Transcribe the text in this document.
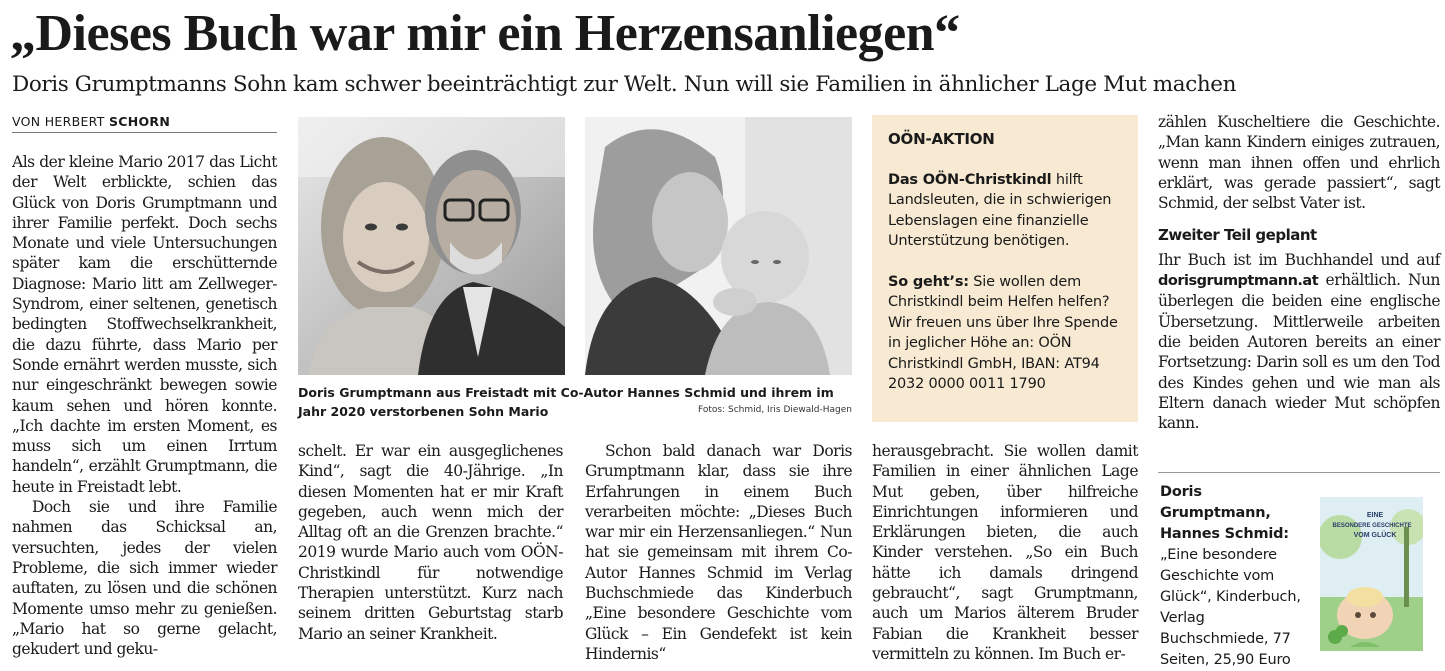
„Dieses Buch war mir ein Herzensanliegen“
Doris Grumptmanns Sohn kam schwer beeinträchtigt zur Welt. Nun will sie Familien in ähnlicher Lage Mut machen
VON HERBERT SCHORN

Als der kleine Mario 2017 das Licht der Welt erblickte, schien das Glück von Doris Grumptmann und ihrer Familie perfekt. Doch sechs Monate und viele Untersuchungen später kam die erschütternde Diagnose: Mario litt am Zellweger-Syndrom, einer seltenen, genetisch bedingten Stoffwechselkrankheit, die dazu führte, dass Mario per Sonde ernährt werden musste, sich nur eingeschränkt bewegen sowie kaum sehen und hören konnte. „Ich dachte im ersten Moment, es muss sich um einen Irrtum handeln“, erzählt Grumptmann, die heute in Freistadt lebt.

Doch sie und ihre Familie nahmen das Schicksal an, versuchten, jedes der vielen Probleme, die sich immer wieder auftaten, zu lösen und die schönen Momente umso mehr zu genießen. „Mario hat so gerne gelacht, gekudert und geku-

Doris Grumptmann aus Freistadt mit Co-Autor Hannes Schmid und ihrem im Jahr 2020 verstorbenen Sohn Mario	Fotos: Schmid, Iris Diewald-Hagen

schelt. Er war ein ausgeglichenes Kind“, sagt die 40-Jährige. „In diesen Momenten hat er mir Kraft gegeben, auch wenn mich der Alltag oft an die Grenzen brachte.“ 2019 wurde Mario auch vom OÖN-Christkindl für notwendige Therapien unterstützt. Kurz nach seinem dritten Geburtstag starb Mario an seiner Krankheit.

Schon bald danach war Doris Grumptmann klar, dass sie ihre Erfahrungen in einem Buch verarbeiten möchte: „Dieses Buch war mir ein Herzensanliegen.“ Nun hat sie gemeinsam mit ihrem Co-Autor Hannes Schmid im Verlag Buchschmiede das Kinderbuch „Eine besondere Geschichte vom Glück – Ein Gendefekt ist kein Hindernis“

OÖN-AKTION

Das OÖN-Christkindl hilft Landsleuten, die in schwierigen Lebenslagen eine finanzielle Unterstützung benötigen.

So geht’s: Sie wollen dem Christkindl beim Helfen helfen? Wir freuen uns über Ihre Spende in jeglicher Höhe an: OÖN Christkindl GmbH, IBAN: AT94 2032 0000 0011 1790

herausgebracht. Sie wollen damit Familien in einer ähnlichen Lage Mut geben, über hilfreiche Einrichtungen informieren und Erklärungen bieten, die auch Kinder verstehen. „So ein Buch hätte ich damals dringend gebraucht“, sagt Grumptmann, auch um Marios älterem Bruder Fabian die Krankheit besser vermitteln zu können. Im Buch er-

zählen Kuscheltiere die Geschichte. „Man kann Kindern einiges zutrauen, wenn man ihnen offen und ehrlich erklärt, was gerade passiert“, sagt Schmid, der selbst Vater ist.

Zweiter Teil geplant

Ihr Buch ist im Buchhandel und auf dorisgrumptmann.at erhältlich. Nun überlegen die beiden eine englische Übersetzung. Mittlerweile arbeiten die beiden Autoren bereits an einer Fortsetzung: Darin soll es um den Tod des Kindes gehen und wie man als Eltern danach wieder Mut schöpfen kann.

Doris Grumptmann, Hannes Schmid: „Eine besondere Geschichte vom Glück“, Kinderbuch, Verlag Buchschmiede, 77 Seiten, 25,90 Euro
EINE
BESONDERE GESCHICHTE
VOM GLÜCK
